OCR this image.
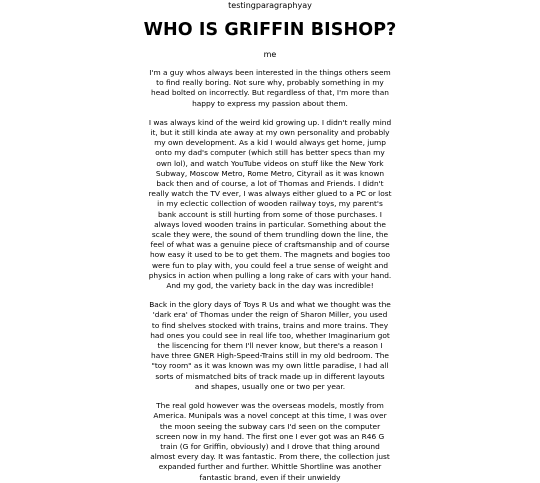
testingparagraphyay

WHO IS GRIFFIN BISHOP?

me

I'm a guy whos always been interested in the things others seem to find really boring. Not sure why, probably something in my head bolted on incorrectly. But regardless of that, I'm more than happy to express my passion about them.

I was always kind of the weird kid growing up. I didn't really mind it, but it still kinda ate away at my own personality and probably my own development. As a kid I would always get home, jump onto my dad's computer (which still has better specs than my own lol), and watch YouTube videos on stuff like the New York Subway, Moscow Metro, Rome Metro, Cityrail as it was known back then and of course, a lot of Thomas and Friends. I didn't really watch the TV ever, I was always either glued to a PC or lost in my eclectic collection of wooden railway toys, my parent's bank account is still hurting from some of those purchases. I always loved wooden trains in particular. Something about the scale they were, the sound of them trundling down the line, the feel of what was a genuine piece of craftsmanship and of course how easy it used to be to get them. The magnets and bogies too were fun to play with, you could feel a true sense of weight and physics in action when pulling a long rake of cars with your hand. And my god, the variety back in the day was incredible!

Back in the glory days of Toys R Us and what we thought was the 'dark era' of Thomas under the reign of Sharon Miller, you used to find shelves stocked with trains, trains and more trains. They had ones you could see in real life too, whether Imaginarium got the liscencing for them I'll never know, but there's a reason I have three GNER High-Speed-Trains still in my old bedroom. The "toy room" as it was known was my own little paradise, I had all sorts of mismatched bits of track made up in different layouts and shapes, usually one or two per year.

The real gold however was the overseas models, mostly from America. Munipals was a novel concept at this time, I was over the moon seeing the subway cars I'd seen on the computer screen now in my hand. The first one I ever got was an R46 G train (G for Griffin, obviously) and I drove that thing around almost every day. It was fantastic. From there, the collection just expanded further and further. Whittle Shortline was another fantastic brand, even if their unwieldy
